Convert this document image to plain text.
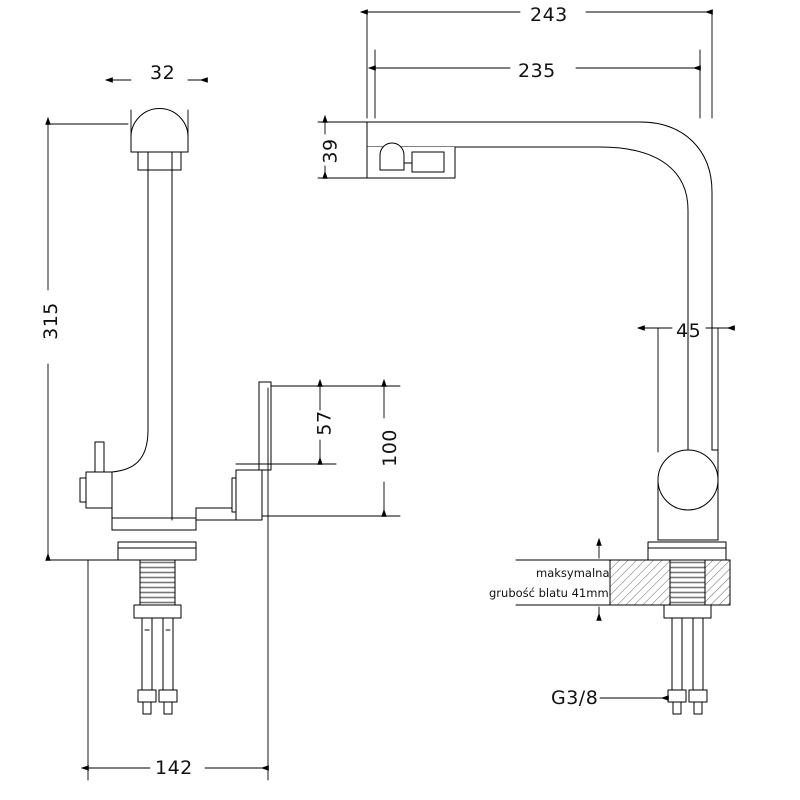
32
315
142
57
100
243
235
39
45
maksymalna
grubość blatu 41mm
G3/8
